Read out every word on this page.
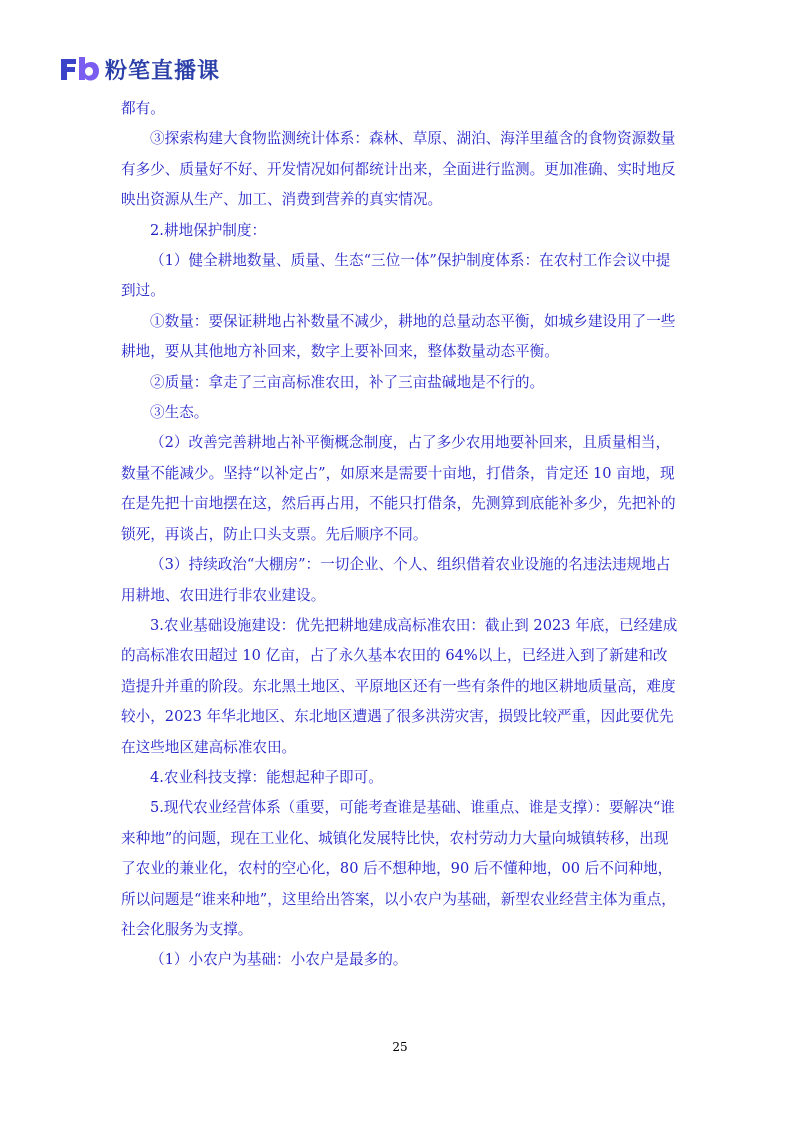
粉笔直播课

都有。

③探索构建大食物监测统计体系：森林、草原、湖泊、海洋里蕴含的食物资源数量有多少、质量好不好、开发情况如何都统计出来，全面进行监测。更加准确、实时地反映出资源从生产、加工、消费到营养的真实情况。

2.耕地保护制度：

（1）健全耕地数量、质量、生态“三位一体”保护制度体系：在农村工作会议中提到过。

①数量：要保证耕地占补数量不减少，耕地的总量动态平衡，如城乡建设用了一些耕地，要从其他地方补回来，数字上要补回来，整体数量动态平衡。

②质量：拿走了三亩高标准农田，补了三亩盐碱地是不行的。

③生态。

（2）改善完善耕地占补平衡概念制度，占了多少农用地要补回来，且质量相当，数量不能减少。坚持“以补定占”，如原来是需要十亩地，打借条，肯定还 10 亩地，现在是先把十亩地摆在这，然后再占用，不能只打借条，先测算到底能补多少，先把补的锁死，再谈占，防止口头支票。先后顺序不同。

（3）持续政治“大棚房”：一切企业、个人、组织借着农业设施的名违法违规地占用耕地、农田进行非农业建设。

3.农业基础设施建设：优先把耕地建成高标准农田：截止到 2023 年底，已经建成的高标准农田超过 10 亿亩，占了永久基本农田的 64%以上，已经进入到了新建和改造提升并重的阶段。东北黑土地区、平原地区还有一些有条件的地区耕地质量高，难度较小，2023 年华北地区、东北地区遭遇了很多洪涝灾害，损毁比较严重，因此要优先在这些地区建高标准农田。

4.农业科技支撑：能想起种子即可。

5.现代农业经营体系（重要，可能考查谁是基础、谁重点、谁是支撑）：要解决“谁来种地”的问题，现在工业化、城镇化发展特比快，农村劳动力大量向城镇转移，出现了农业的兼业化，农村的空心化，80 后不想种地，90 后不懂种地，00 后不问种地，所以问题是“谁来种地”，这里给出答案，以小农户为基础，新型农业经营主体为重点，社会化服务为支撑。

（1）小农户为基础：小农户是最多的。

25
